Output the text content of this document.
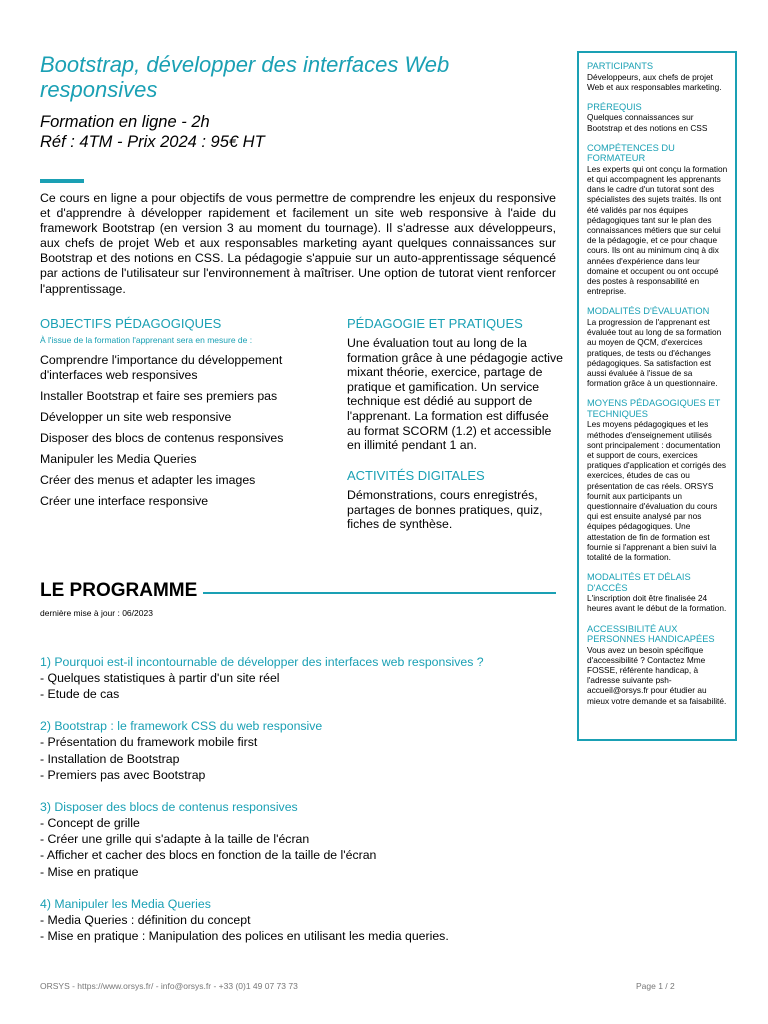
Bootstrap, développer des interfaces Web responsives
Formation en ligne - 2h
Réf : 4TM - Prix 2024 : 95€ HT

Ce cours en ligne a pour objectifs de vous permettre de comprendre les enjeux du responsive et d'apprendre à développer rapidement et facilement un site web responsive à l'aide du framework Bootstrap (en version 3 au moment du tournage). Il s'adresse aux développeurs, aux chefs de projet Web et aux responsables marketing ayant quelques connaissances sur Bootstrap et des notions en CSS. La pédagogie s'appuie sur un auto-apprentissage séquencé par actions de l'utilisateur sur l'environnement à maîtriser. Une option de tutorat vient renforcer l'apprentissage.

OBJECTIFS PÉDAGOGIQUES
À l'issue de la formation l'apprenant sera en mesure de :
Comprendre l'importance du développement d'interfaces web responsives
Installer Bootstrap et faire ses premiers pas
Développer un site web responsive
Disposer des blocs de contenus responsives
Manipuler les Media Queries
Créer des menus et adapter les images
Créer une interface responsive
PÉDAGOGIE ET PRATIQUES

Une évaluation tout au long de la formation grâce à une pédagogie active mixant théorie, exercice, partage de pratique et gamification. Un service technique est dédié au support de l'apprenant. La formation est diffusée au format SCORM (1.2) et accessible en illimité pendant 1 an.

ACTIVITÉS DIGITALES

Démonstrations, cours enregistrés, partages de bonnes pratiques, quiz, fiches de synthèse.

LE PROGRAMME

dernière mise à jour : 06/2023

1) Pourquoi est-il incontournable de développer des interfaces web responsives ?

- Quelques statistiques à partir d'un site réel

- Etude de cas

2) Bootstrap : le framework CSS du web responsive

- Présentation du framework mobile first

- Installation de Bootstrap

- Premiers pas avec Bootstrap

3) Disposer des blocs de contenus responsives

- Concept de grille

- Créer une grille qui s'adapte à la taille de l'écran

- Afficher et cacher des blocs en fonction de la taille de l'écran

- Mise en pratique

4) Manipuler les Media Queries

- Media Queries : définition du concept

- Mise en pratique : Manipulation des polices en utilisant les media queries.

PARTICIPANTS

Développeurs, aux chefs de projet Web et aux responsables marketing.

PRÉREQUIS

Quelques connaissances sur Bootstrap et des notions en CSS

COMPÉTENCES DU FORMATEUR

Les experts qui ont conçu la formation et qui accompagnent les apprenants dans le cadre d'un tutorat sont des spécialistes des sujets traités. Ils ont été validés par nos équipes pédagogiques tant sur le plan des connaissances métiers que sur celui de la pédagogie, et ce pour chaque cours. Ils ont au minimum cinq à dix années d'expérience dans leur domaine et occupent ou ont occupé des postes à responsabilité en entreprise.

MODALITÉS D'ÉVALUATION

La progression de l'apprenant est évaluée tout au long de sa formation au moyen de QCM, d'exercices pratiques, de tests ou d'échanges pédagogiques. Sa satisfaction est aussi évaluée à l'issue de sa formation grâce à un questionnaire.

MOYENS PÉDAGOGIQUES ET TECHNIQUES

Les moyens pédagogiques et les méthodes d'enseignement utilisés sont principalement : documentation et support de cours, exercices pratiques d'application et corrigés des exercices, études de cas ou présentation de cas réels. ORSYS fournit aux participants un questionnaire d'évaluation du cours qui est ensuite analysé par nos équipes pédagogiques. Une attestation de fin de formation est fournie si l'apprenant a bien suivi la totalité de la formation.

MODALITÉS ET DÉLAIS D'ACCÈS

L'inscription doit être finalisée 24 heures avant le début de la formation.

ACCESSIBILITÉ AUX PERSONNES HANDICAPÉES

Vous avez un besoin spécifique d'accessibilité ? Contactez Mme FOSSE, référente handicap, à l'adresse suivante psh-accueil@orsys.fr pour étudier au mieux votre demande et sa faisabilité.

ORSYS - https://www.orsys.fr/ - info@orsys.fr - +33 (0)1 49 07 73 73	Page 1 / 2
